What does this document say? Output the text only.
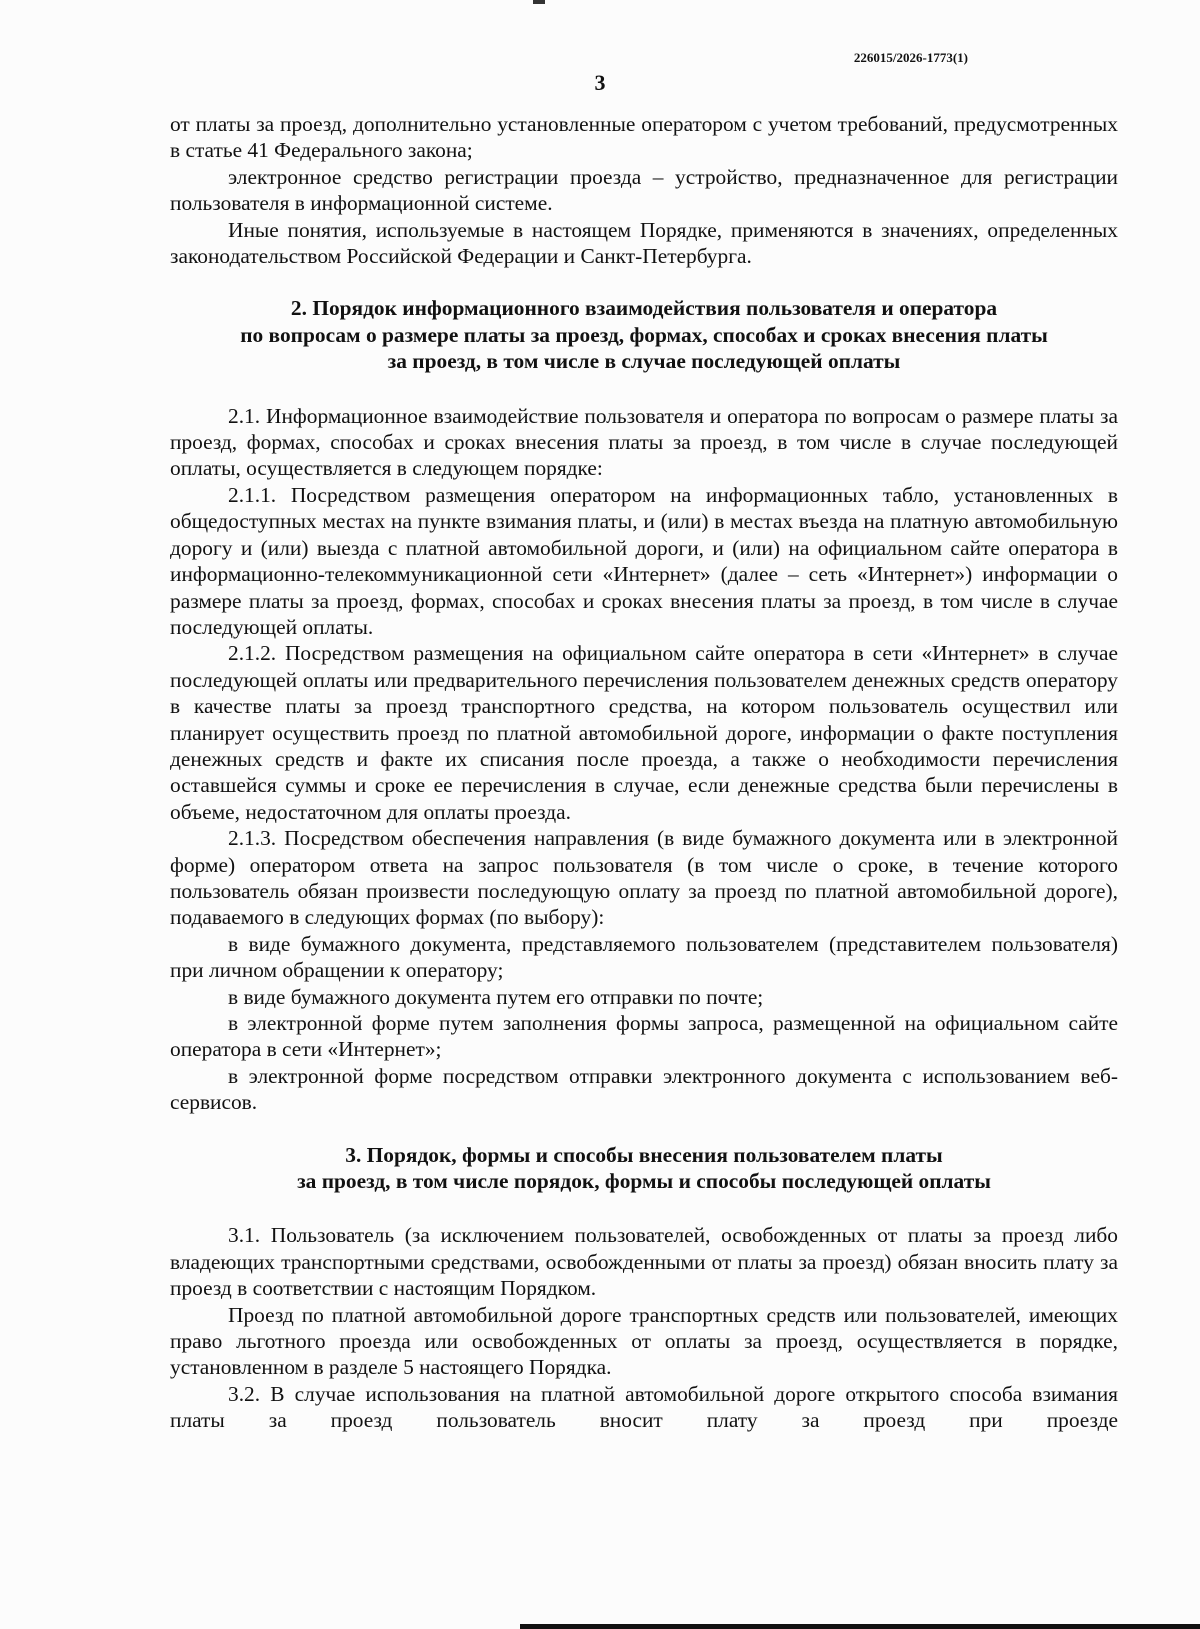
226015/2026-1773(1)
3

от платы за проезд, дополнительно установленные оператором с учетом требований, предусмотренных в статье 41 Федерального закона;

электронное средство регистрации проезда – устройство, предназначенное для регистрации пользователя в информационной системе.

Иные понятия, используемые в настоящем Порядке, применяются в значениях, определенных законодательством Российской Федерации и Санкт-Петербурга.

2. Порядок информационного взаимодействия пользователя и оператора

по вопросам о размере платы за проезд, формах, способах и сроках внесения платы

за проезд, в том числе в случае последующей оплаты

2.1. Информационное взаимодействие пользователя и оператора по вопросам о размере платы за проезд, формах, способах и сроках внесения платы за проезд, в том числе в случае последующей оплаты, осуществляется в следующем порядке:

2.1.1. Посредством размещения оператором на информационных табло, установленных в общедоступных местах на пункте взимания платы, и (или) в местах въезда на платную автомобильную дорогу и (или) выезда с платной автомобильной дороги, и (или) на официальном сайте оператора в информационно-телекоммуникационной сети «Интернет» (далее – сеть «Интернет») информации о размере платы за проезд, формах, способах и сроках внесения платы за проезд, в том числе в случае последующей оплаты.

2.1.2. Посредством размещения на официальном сайте оператора в сети «Интернет» в случае последующей оплаты или предварительного перечисления пользователем денежных средств оператору в качестве платы за проезд транспортного средства, на котором пользователь осуществил или планирует осуществить проезд по платной автомобильной дороге, информации о факте поступления денежных средств и факте их списания после проезда, а также о необходимости перечисления оставшейся суммы и сроке ее перечисления в случае, если денежные средства были перечислены в объеме, недостаточном для оплаты проезда.

2.1.3. Посредством обеспечения направления (в виде бумажного документа или в электронной форме) оператором ответа на запрос пользователя (в том числе о сроке, в течение которого пользователь обязан произвести последующую оплату за проезд по платной автомобильной дороге), подаваемого в следующих формах (по выбору):

в виде бумажного документа, представляемого пользователем (представителем пользователя) при личном обращении к оператору;

в виде бумажного документа путем его отправки по почте;

в электронной форме путем заполнения формы запроса, размещенной на официальном сайте оператора в сети «Интернет»;

в электронной форме посредством отправки электронного документа с использованием веб-сервисов.

3. Порядок, формы и способы внесения пользователем платы

за проезд, в том числе порядок, формы и способы последующей оплаты

3.1. Пользователь (за исключением пользователей, освобожденных от платы за проезд либо владеющих транспортными средствами, освобожденными от платы за проезд) обязан вносить плату за проезд в соответствии с настоящим Порядком.

Проезд по платной автомобильной дороге транспортных средств или пользователей, имеющих право льготного проезда или освобожденных от оплаты за проезд, осуществляется в порядке, установленном в разделе 5 настоящего Порядка.

3.2. В случае использования на платной автомобильной дороге открытого способа взимания платы за проезд пользователь вносит плату за проезд при проезде
